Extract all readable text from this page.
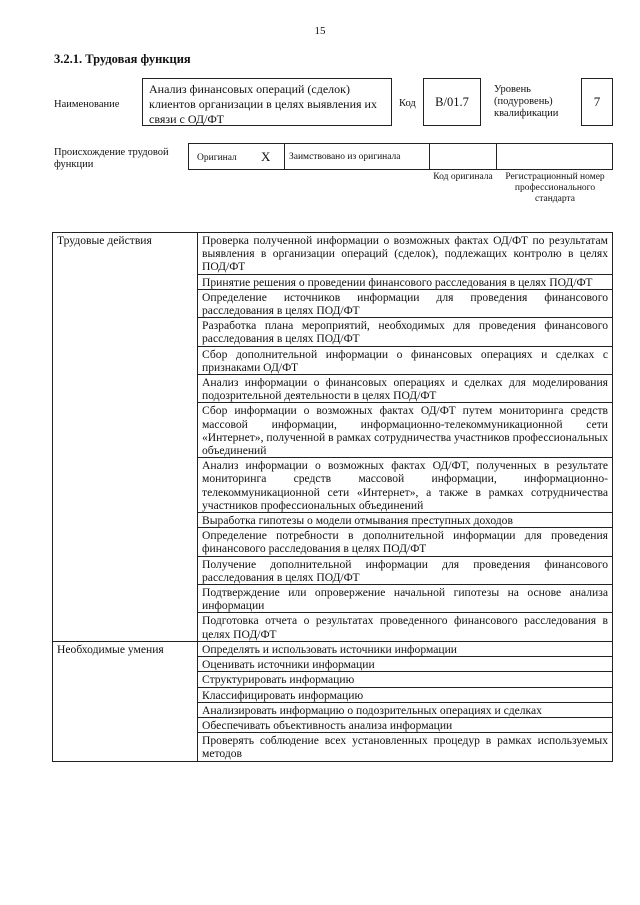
15
3.2.1. Трудовая функция
Наименование
Анализ финансовых операций (сделок) клиентов организации в целях выявления их связи с ОД/ФТ
Код	В/01.7
Уровень (подуровень) квалификации
7
Происхождение трудовой функции
Оригинал X	Заимствовано из оригинала
Код оригинала	Регистрационный номер профессионального стандарта
Трудовые действия	Проверка полученной информации о возможных фактах ОД/ФТ по результатам выявления в организации операций (сделок), подлежащих контролю в целях ПОД/ФТ
	Принятие решения о проведении финансового расследования в целях ПОД/ФТ
	Определение источников информации для проведения финансового расследования в целях ПОД/ФТ
	Разработка плана мероприятий, необходимых для проведения финансового расследования в целях ПОД/ФТ
	Сбор дополнительной информации о финансовых операциях и сделках с признаками ОД/ФТ
	Анализ информации о финансовых операциях и сделках для моделирования подозрительной деятельности в целях ПОД/ФТ
	Сбор информации о возможных фактах ОД/ФТ путем мониторинга средств массовой информации, информационно-телекоммуникационной сети «Интернет», полученной в рамках сотрудничества участников профессиональных объединений
	Анализ информации о возможных фактах ОД/ФТ, полученных в результате мониторинга средств массовой информации, информационно-телекоммуникационной сети «Интернет», а также в рамках сотрудничества участников профессиональных объединений
	Выработка гипотезы о модели отмывания преступных доходов
	Определение потребности в дополнительной информации для проведения финансового расследования в целях ПОД/ФТ
	Получение дополнительной информации для проведения финансового расследования в целях ПОД/ФТ
	Подтверждение или опровержение начальной гипотезы на основе анализа информации
	Подготовка отчета о результатах проведенного финансового расследования в целях ПОД/ФТ
Необходимые умения	Определять и использовать источники информации
	Оценивать источники информации
	Структурировать информацию
	Классифицировать информацию
	Анализировать информацию о подозрительных операциях и сделках
	Обеспечивать объективность анализа информации
	Проверять соблюдение всех установленных процедур в рамках используемых методов
